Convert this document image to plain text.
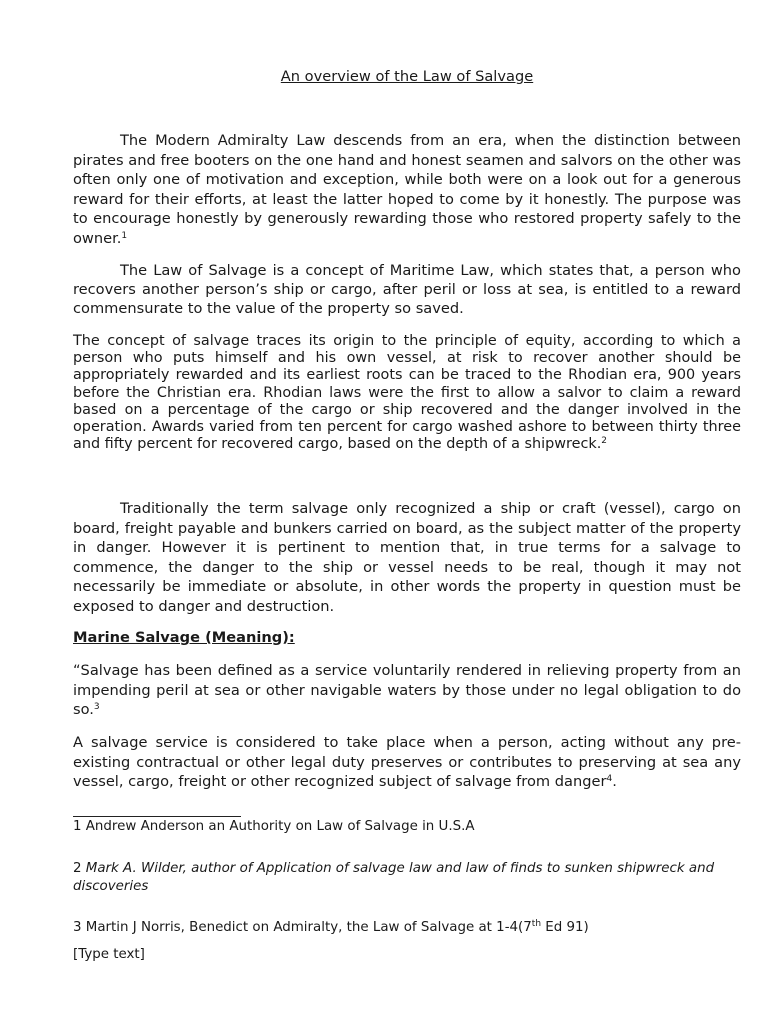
An overview of the Law of Salvage

The Modern Admiralty Law descends from an era, when the distinction between pirates and free booters on the one hand and honest seamen and salvors on the other was often only one of motivation and exception, while both were on a look out for a generous reward for their efforts, at least the latter hoped to come by it honestly. The purpose was to encourage honestly by generously rewarding those who restored property safely to the owner.$^1$

The Law of Salvage is a concept of Maritime Law, which states that, a person who recovers another person’s ship or cargo, after peril or loss at sea, is entitled to a reward commensurate to the value of the property so saved.

The concept of salvage traces its origin to the principle of equity, according to which a person who puts himself and his own vessel, at risk to recover another should be appropriately rewarded and its earliest roots can be traced to the Rhodian era, 900 years before the Christian era. Rhodian laws were the first to allow a salvor to claim a reward based on a percentage of the cargo or ship recovered and the danger involved in the operation. Awards varied from ten percent for cargo washed ashore to between thirty three and fifty percent for recovered cargo, based on the depth of a shipwreck.$^2$

Traditionally the term salvage only recognized a ship or craft (vessel), cargo on board, freight payable and bunkers carried on board, as the subject matter of the property in danger. However it is pertinent to mention that, in true terms for a salvage to commence, the danger to the ship or vessel needs to be real, though it may not necessarily be immediate or absolute, in other words the property in question must be exposed to danger and destruction.

Marine Salvage (Meaning):

“Salvage has been defined as a service voluntarily rendered in relieving property from an impending peril at sea or other navigable waters by those under no legal obligation to do so.$^3$

A salvage service is considered to take place when a person, acting without any pre-existing contractual or other legal duty preserves or contributes to preserving at sea any vessel, cargo, freight or other recognized subject of salvage from danger$^4$.

1 Andrew Anderson an Authority on Law of Salvage in U.S.A

2 Mark A. Wilder, author of Application of salvage law and law of finds to sunken shipwreck and discoveries

3 Martin J Norris, Benedict on Admiralty, the Law of Salvage at 1-4(7th Ed 91)

[Type text]
